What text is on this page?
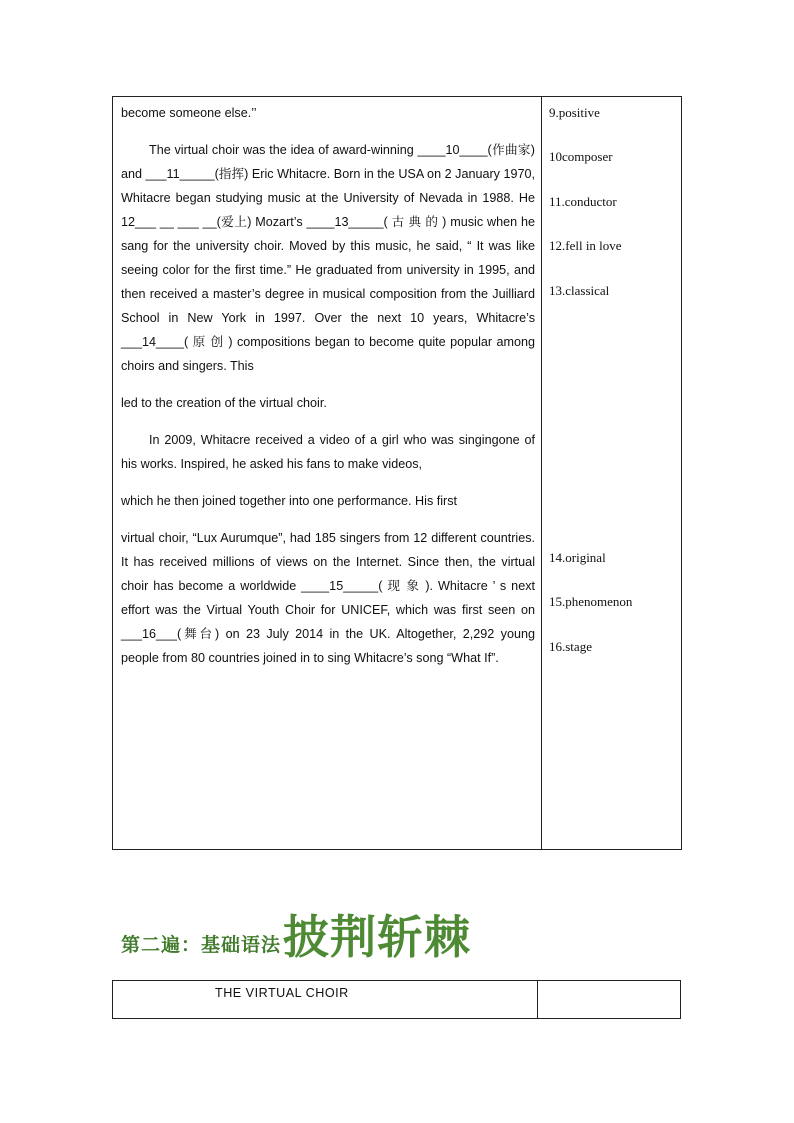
become someone else.’’

The virtual choir was the idea of award-winning ____10____(作曲家) and ___11_____(指挥) Eric Whitacre. Born in the USA on 2 January 1970, Whitacre began studying music at the University of Nevada in 1988. He 12___ __ ___ __(爱上) Mozart’s ____13_____( 古 典 的 ) music when he sang for the university choir. Moved by this music, he said, “ It was like seeing color for the first time.” He graduated from university in 1995, and then received a master’s degree in musical composition from the Juilliard School in New York in 1997. Over the next 10 years, Whitacre’s ___14____( 原 创 ) compositions began to become quite popular among choirs and singers. This

led to the creation of the virtual choir.

In 2009, Whitacre received a video of a girl who was singingone of his works. Inspired, he asked his fans to make videos,

which he then joined together into one performance. His first

virtual choir, “Lux Aurumque”, had 185 singers from 12 different countries. It has received millions of views on the Internet. Since then, the virtual choir has become a worldwide ____15_____( 现 象 ). Whitacre ’ s next effort was the Virtual Youth Choir for UNICEF, which was first seen on ___16___(舞台) on 23 July 2014 in the UK. Altogether, 2,292 young people from 80 countries joined in to sing Whitacre’s song “What If”.

9.positive
10composer
11.conductor
12.fell in love
13.classical
14.original
15.phenomenon
16.stage
第二遍：基础语法 披荆斩棘
THE VIRTUAL CHOIR
